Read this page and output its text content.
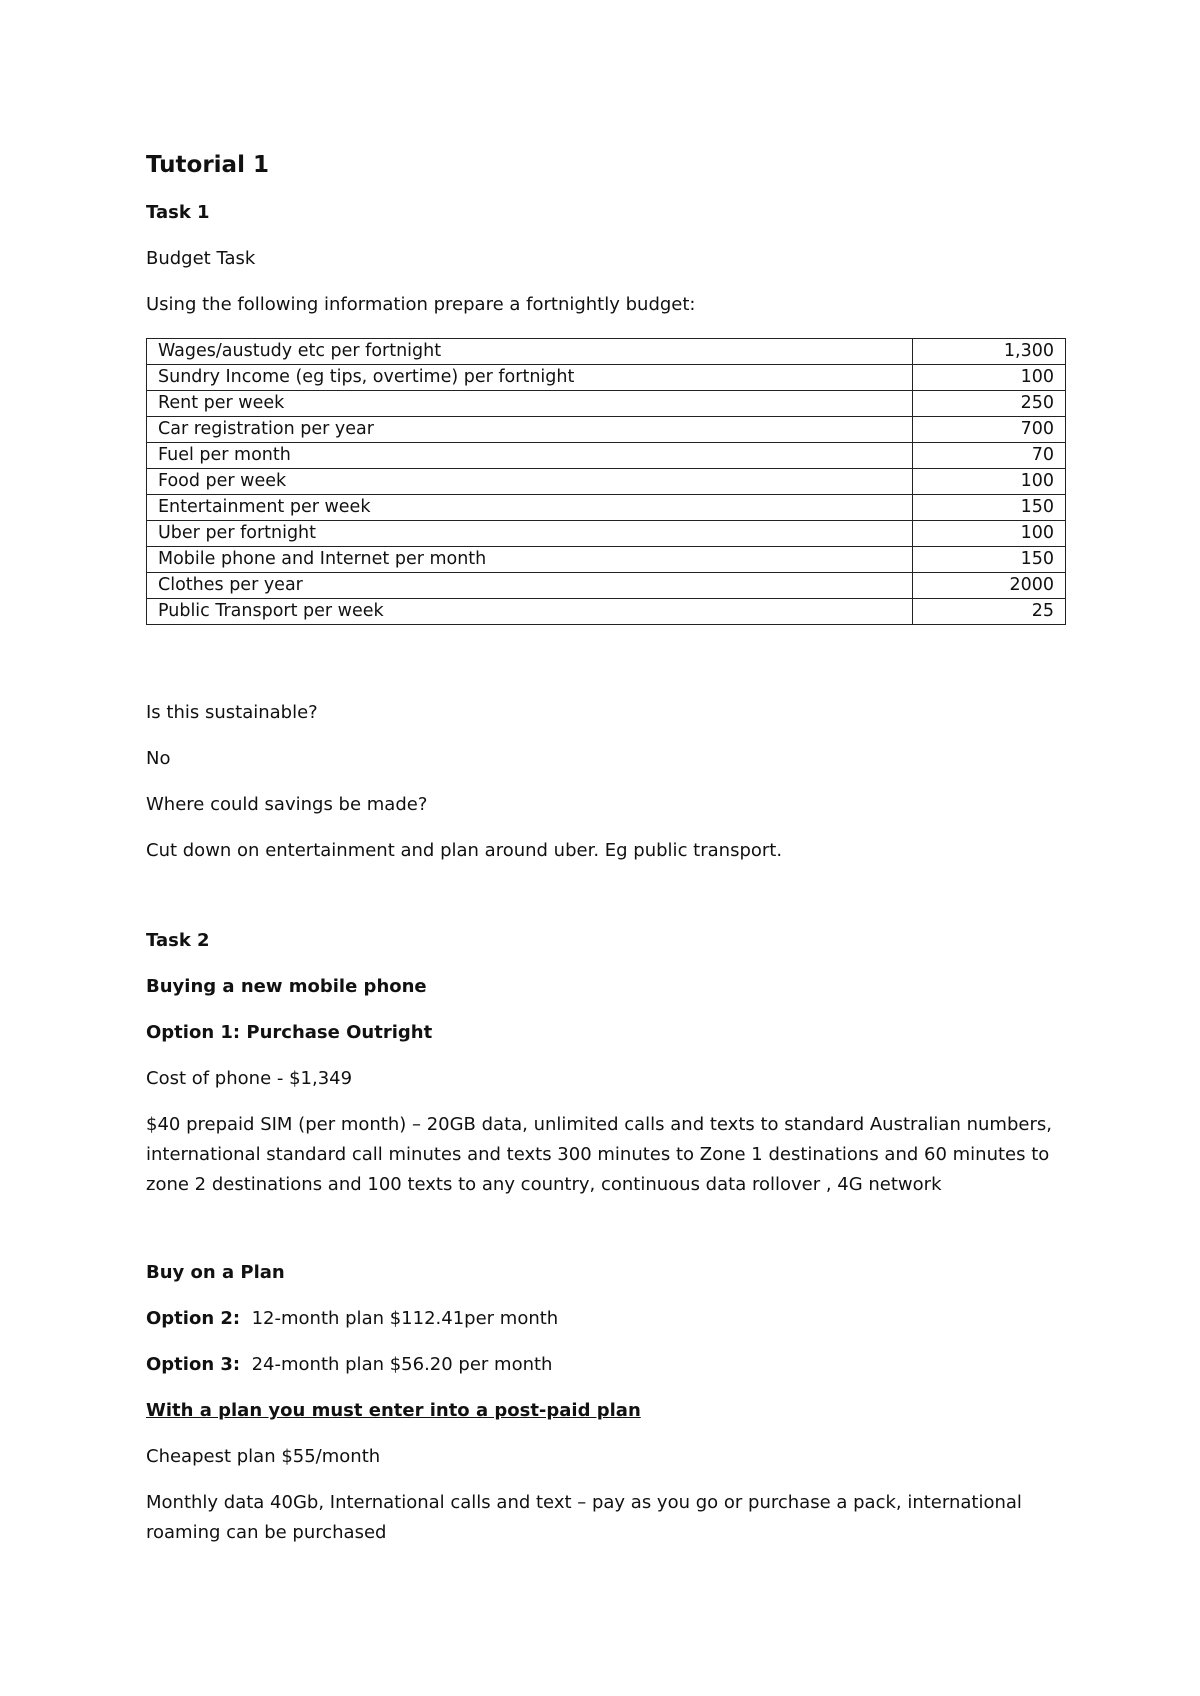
Tutorial 1
Task 1
Budget Task
Using the following information prepare a fortnightly budget:
Wages/austudy etc per fortnight	1,300
Sundry Income (eg tips, overtime) per fortnight	100
Rent per week	250
Car registration per year	700
Fuel per month	70
Food per week	100
Entertainment per week	150
Uber per fortnight	100
Mobile phone and Internet per month	150
Clothes per year	2000
Public Transport per week	25
Is this sustainable?
No
Where could savings be made?
Cut down on entertainment and plan around uber. Eg public transport.
Task 2
Buying a new mobile phone
Option 1: Purchase Outright
Cost of phone - $1,349
$40 prepaid SIM (per month) – 20GB data, unlimited calls and texts to standard Australian numbers, international standard call minutes and texts 300 minutes to Zone 1 destinations and 60 minutes to zone 2 destinations and 100 texts to any country, continuous data rollover , 4G network
Buy on a Plan
Option 2: 12-month plan $112.41per month
Option 3: 24-month plan $56.20 per month
With a plan you must enter into a post-paid plan
Cheapest plan $55/month
Monthly data 40Gb, International calls and text – pay as you go or purchase a pack, international roaming can be purchased
